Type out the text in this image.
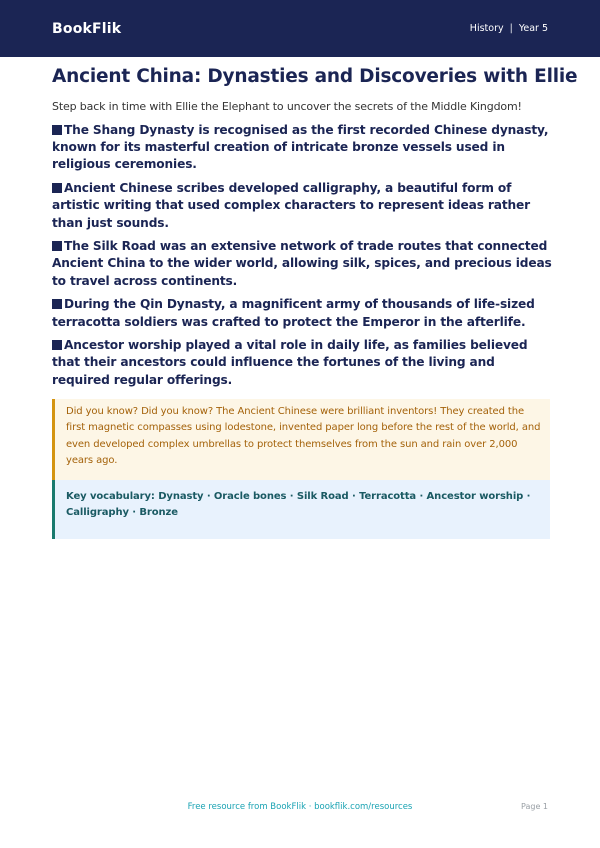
BookFlik	History | Year 5
Ancient China: Dynasties and Discoveries with Ellie

Step back in time with Ellie the Elephant to uncover the secrets of the Middle Kingdom!

The Shang Dynasty is recognised as the first recorded Chinese dynasty, known for its masterful creation of intricate bronze vessels used in religious ceremonies.

Ancient Chinese scribes developed calligraphy, a beautiful form of artistic writing that used complex characters to represent ideas rather than just sounds.

The Silk Road was an extensive network of trade routes that connected Ancient China to the wider world, allowing silk, spices, and precious ideas to travel across continents.

During the Qin Dynasty, a magnificent army of thousands of life-sized terracotta soldiers was crafted to protect the Emperor in the afterlife.

Ancestor worship played a vital role in daily life, as families believed that their ancestors could influence the fortunes of the living and required regular offerings.

Did you know? Did you know? The Ancient Chinese were brilliant inventors! They created the first magnetic compasses using lodestone, invented paper long before the rest of the world, and even developed complex umbrellas to protect themselves from the sun and rain over 2,000 years ago.
Key vocabulary: Dynasty · Oracle bones · Silk Road · Terracotta · Ancestor worship · Calligraphy · Bronze
Free resource from BookFlik · bookflik.com/resources	Page 1
